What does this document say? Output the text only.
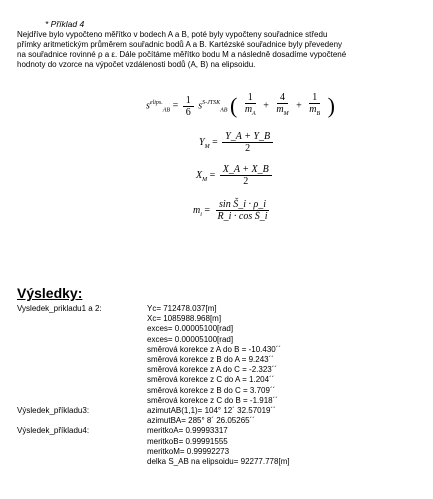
* Příklad 4

Nejdříve bylo vypočteno měřítko v bodech A a B, poté byly vypočteny souřadnice středu

přímky aritmetickým průměrem souřadnic bodů A a B. Kartézské souřadnice byly převedeny

na souřadnice rovinné ρ a ε. Dále počítáme měřítko bodu M a následně dosadíme vypočtené

hodnoty do vzorce na výpočet vzdálenosti bodů (A, B) na elipsoidu.

$s^{elips.}_{AB} = \frac{1}{6} s^{S-JTSK}_{AB}$ ( $\frac{1}{m_A} + \frac{4}{m_M} + \frac{1}{m_B}$ )
$Y_M = \frac{Y\_A + Y\_B}{2}$
$X_M = \frac{X\_A + X\_B}{2}$
$m_i = \frac{\text{sin Š\_i · ρ\_i}}{\text{R\_i · cos Š\_i}}$
Výsledky:
Vysledek_prikladu1 a 2:	Yc= 712478.037[m]
Xc= 1085988.968[m]
exces= 0.00005100[rad]
exces= 0.00005100[rad]
směrová korekce z A do B = -10.430´´
směrová korekce z B do A = 9.243´´
směrová korekce z A do C = -2.323´´
směrová korekce z C do A = 1.204´´
směrová korekce z B do C = 3.709´´
směrová korekce z C do B = -1.918´´
Výsledek_příkladu3:	azimutAB(1,1)= 104° 12´ 32.57019´´
azimutBA= 285° 8´ 26.05265´´
Výsledek_příkladu4:	meritkoA= 0.99993317
meritkoB= 0.99991555
meritkoM= 0.99992273
delka S_AB na elipsoidu= 92277.778[m]
